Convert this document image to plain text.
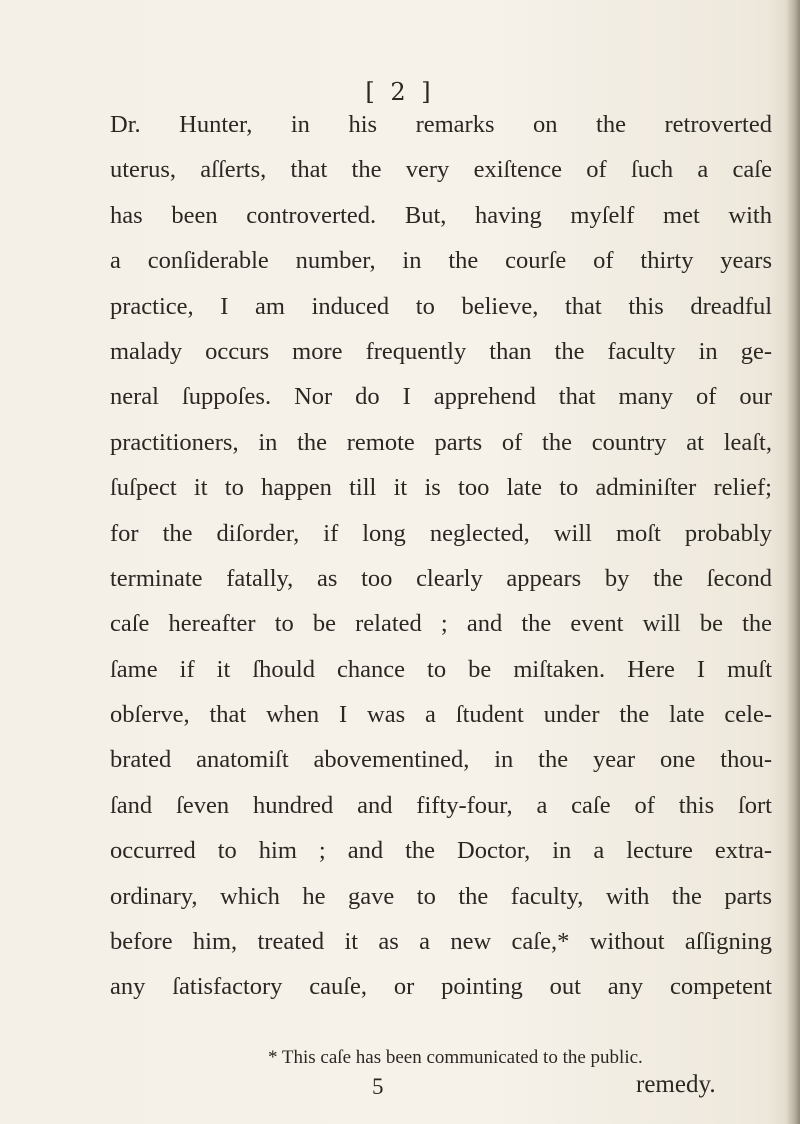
[ 2 ]
Dr. Hunter, in his remarks on the retroverted
uterus, aſſerts, that the very exiſtence of ſuch a caſe
has been controverted. But, having myſelf met with
a conſiderable number, in the courſe of thirty years
practice, I am induced to believe, that this dreadful
malady occurs more frequently than the faculty in ge-
neral ſuppoſes. Nor do I apprehend that many of our
practitioners, in the remote parts of the country at leaſt,
ſuſpect it to happen till it is too late to adminiſter relief;
for the diſorder, if long neglected, will moſt probably
terminate fatally, as too clearly appears by the ſecond
caſe hereafter to be related ; and the event will be the
ſame if it ſhould chance to be miſtaken. Here I muſt
obſerve, that when I was a ſtudent under the late cele-
brated anatomiſt abovementined, in the year one thou-
ſand ſeven hundred and fifty-four, a caſe of this ſort
occurred to him ; and the Doctor, in a lecture extra-
ordinary, which he gave to the faculty, with the parts
before him, treated it as a new caſe,* without aſſigning
any ſatisfactory cauſe, or pointing out any competent
* This caſe has been communicated to the public.
5	remedy.
